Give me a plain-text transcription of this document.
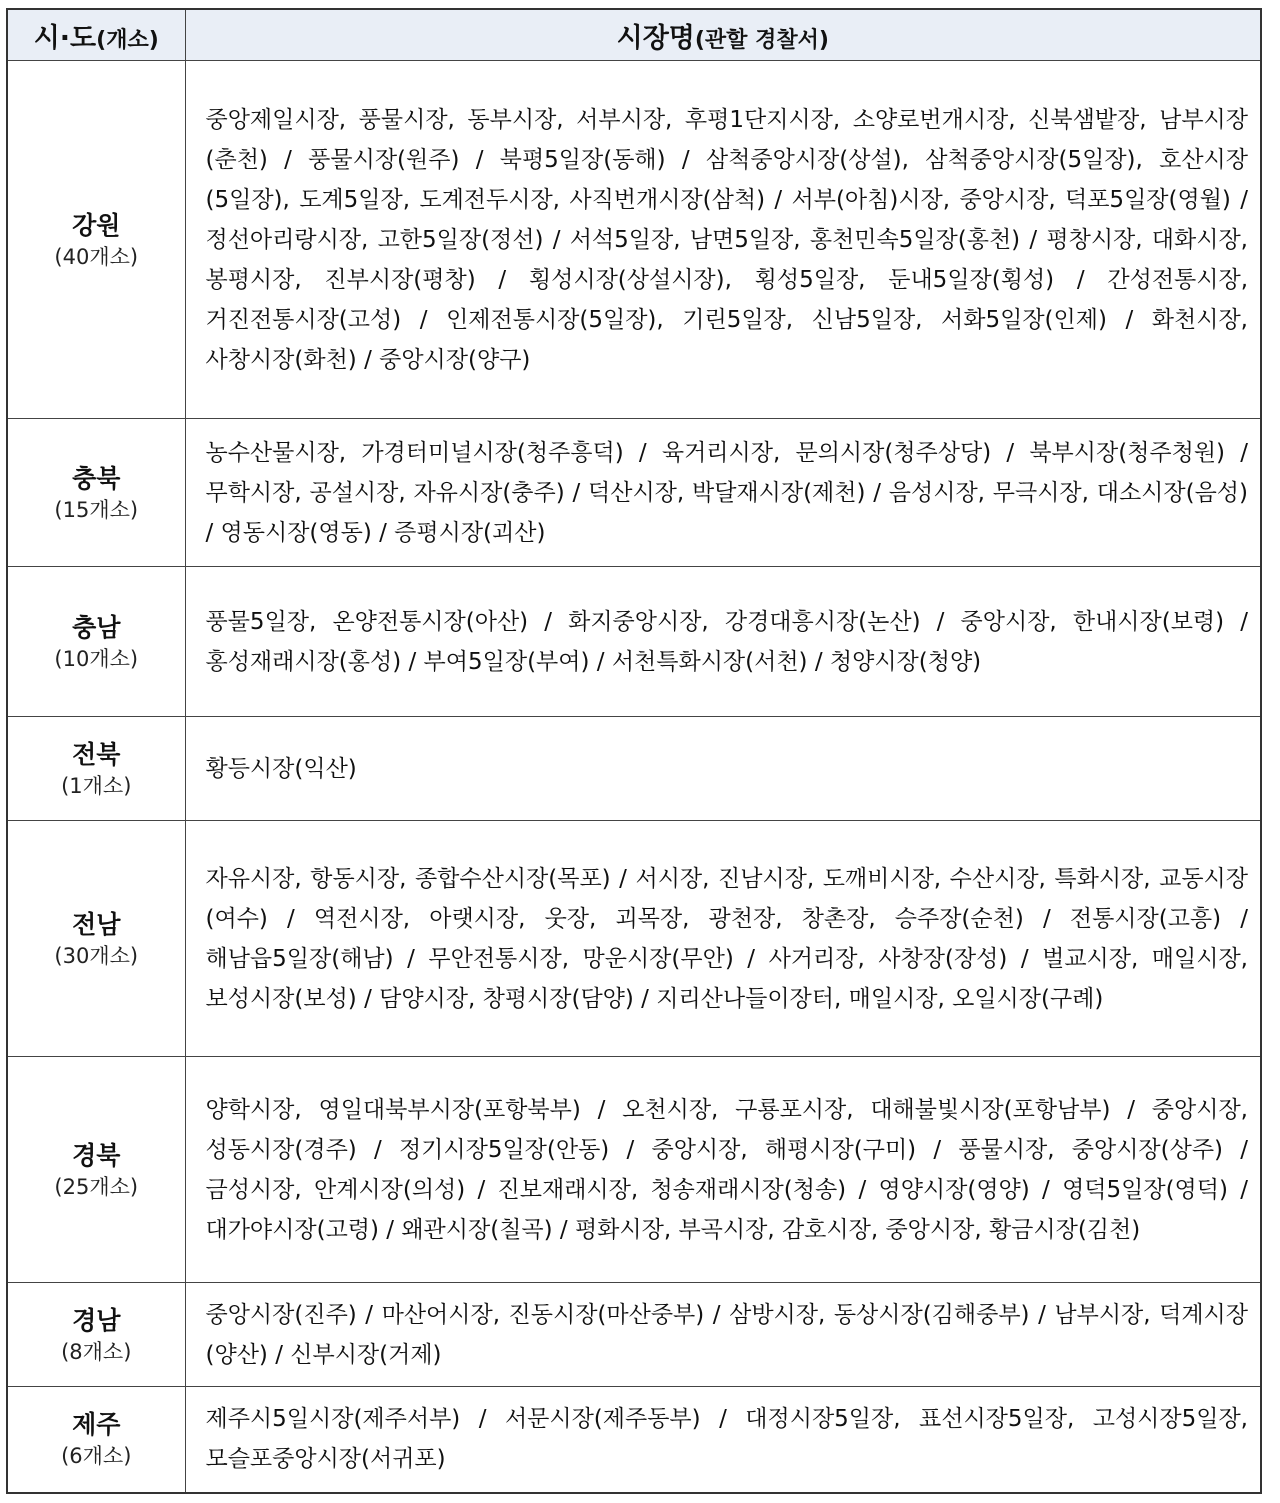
시·도(개소)	시장명(관할 경찰서)

강원
(40개소)	중앙제일시장, 풍물시장, 동부시장, 서부시장, 후평1단지시장, 소양로번개시장, 신북샘밭장, 남부시장(춘천) / 풍물시장(원주) / 북평5일장(동해) / 삼척중앙시장(상설), 삼척중앙시장(5일장), 호산시장(5일장), 도계5일장, 도계전두시장, 사직번개시장(삼척) / 서부(아침)시장, 중앙시장, 덕포5일장(영월) / 정선아리랑시장, 고한5일장(정선) / 서석5일장, 남면5일장, 홍천민속5일장(홍천) / 평창시장, 대화시장, 봉평시장, 진부시장(평창) / 횡성시장(상설시장), 횡성5일장, 둔내5일장(횡성) / 간성전통시장, 거진전통시장(고성) / 인제전통시장(5일장), 기린5일장, 신남5일장, 서화5일장(인제) / 화천시장, 사창시장(화천) / 중앙시장(양구)

충북
(15개소)	농수산물시장, 가경터미널시장(청주흥덕) / 육거리시장, 문의시장(청주상당) / 북부시장(청주청원) / 무학시장, 공설시장, 자유시장(충주) / 덕산시장, 박달재시장(제천) / 음성시장, 무극시장, 대소시장(음성) / 영동시장(영동) / 증평시장(괴산)

충남
(10개소)	풍물5일장, 온양전통시장(아산) / 화지중앙시장, 강경대흥시장(논산) / 중앙시장, 한내시장(보령) / 홍성재래시장(홍성) / 부여5일장(부여) / 서천특화시장(서천) / 청양시장(청양)

전북
(1개소)	황등시장(익산)

전남
(30개소)	자유시장, 항동시장, 종합수산시장(목포) / 서시장, 진남시장, 도깨비시장, 수산시장, 특화시장, 교동시장(여수) / 역전시장, 아랫시장, 웃장, 괴목장, 광천장, 창촌장, 승주장(순천) / 전통시장(고흥) / 해남읍5일장(해남) / 무안전통시장, 망운시장(무안) / 사거리장, 사창장(장성) / 벌교시장, 매일시장, 보성시장(보성) / 담양시장, 창평시장(담양) / 지리산나들이장터, 매일시장, 오일시장(구례)

경북
(25개소)	양학시장, 영일대북부시장(포항북부) / 오천시장, 구룡포시장, 대해불빛시장(포항남부) / 중앙시장, 성동시장(경주) / 정기시장5일장(안동) / 중앙시장, 해평시장(구미) / 풍물시장, 중앙시장(상주) / 금성시장, 안계시장(의성) / 진보재래시장, 청송재래시장(청송) / 영양시장(영양) / 영덕5일장(영덕) / 대가야시장(고령) / 왜관시장(칠곡) / 평화시장, 부곡시장, 감호시장, 중앙시장, 황금시장(김천)

경남
(8개소)	중앙시장(진주) / 마산어시장, 진동시장(마산중부) / 삼방시장, 동상시장(김해중부) / 남부시장, 덕계시장(양산) / 신부시장(거제)

제주
(6개소)	제주시5일시장(제주서부) / 서문시장(제주동부) / 대정시장5일장, 표선시장5일장, 고성시장5일장, 모슬포중앙시장(서귀포)
